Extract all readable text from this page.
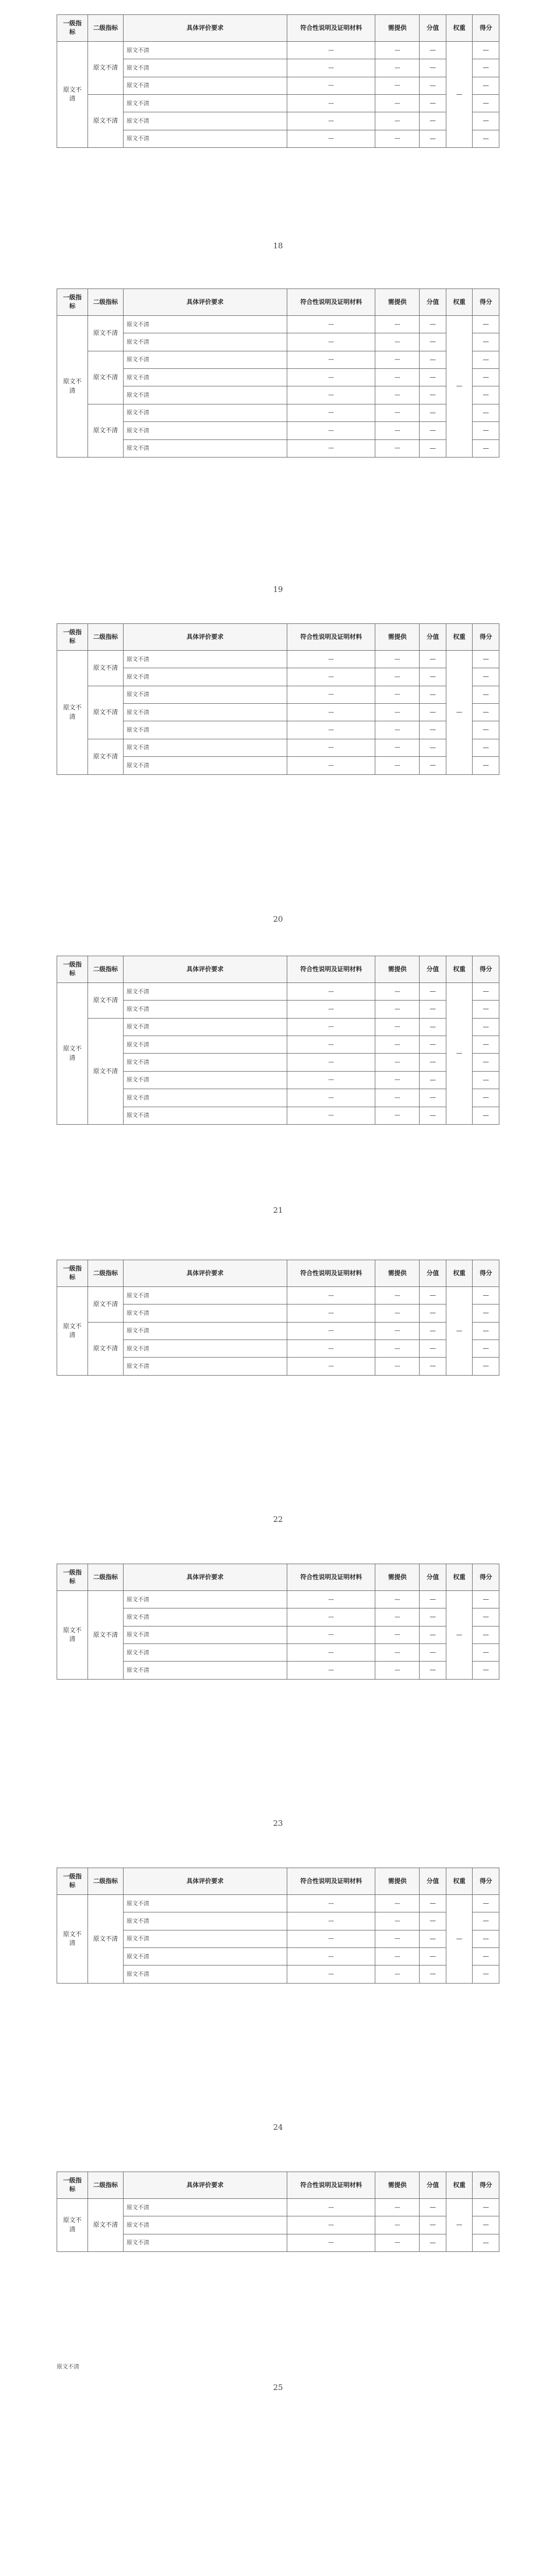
一级指标	二级指标	具体评价要求	符合性说明及证明材料	需提供	分值	权重	得分
原文不清	原文不清	原文不清	—	—	—	—	—
		原文不清	—	—	—		—
		原文不清	—	—	—		—
	原文不清	原文不清	—	—	—		—
		原文不清	—	—	—		—
		原文不清	—	—	—		—
18
一级指标	二级指标	具体评价要求	符合性说明及证明材料	需提供	分值	权重	得分
原文不清	原文不清	原文不清	—	—	—	—	—
		原文不清	—	—	—		—
	原文不清	原文不清	—	—	—		—
		原文不清	—	—	—		—
		原文不清	—	—	—		—
	原文不清	原文不清	—	—	—		—
		原文不清	—	—	—		—
		原文不清	—	—	—		—
19
一级指标	二级指标	具体评价要求	符合性说明及证明材料	需提供	分值	权重	得分
原文不清	原文不清	原文不清	—	—	—	—	—
		原文不清	—	—	—		—
	原文不清	原文不清	—	—	—		—
		原文不清	—	—	—		—
		原文不清	—	—	—		—
	原文不清	原文不清	—	—	—		—
		原文不清	—	—	—		—
20
一级指标	二级指标	具体评价要求	符合性说明及证明材料	需提供	分值	权重	得分
原文不清	原文不清	原文不清	—	—	—	—	—
		原文不清	—	—	—		—
	原文不清	原文不清	—	—	—		—
		原文不清	—	—	—		—
		原文不清	—	—	—		—
		原文不清	—	—	—		—
		原文不清	—	—	—		—
		原文不清	—	—	—		—
21
一级指标	二级指标	具体评价要求	符合性说明及证明材料	需提供	分值	权重	得分
原文不清	原文不清	原文不清	—	—	—	—	—
		原文不清	—	—	—		—
	原文不清	原文不清	—	—	—		—
		原文不清	—	—	—		—
		原文不清	—	—	—		—
22
一级指标	二级指标	具体评价要求	符合性说明及证明材料	需提供	分值	权重	得分
原文不清	原文不清	原文不清	—	—	—	—	—
		原文不清	—	—	—		—
		原文不清	—	—	—		—
		原文不清	—	—	—		—
		原文不清	—	—	—		—
23
一级指标	二级指标	具体评价要求	符合性说明及证明材料	需提供	分值	权重	得分
原文不清	原文不清	原文不清	—	—	—	—	—
		原文不清	—	—	—		—
		原文不清	—	—	—		—
		原文不清	—	—	—		—
		原文不清	—	—	—		—
24
一级指标	二级指标	具体评价要求	符合性说明及证明材料	需提供	分值	权重	得分
原文不清	原文不清	原文不清	—	—	—	—	—
		原文不清	—	—	—		—
		原文不清	—	—	—		—
原文不清
25
